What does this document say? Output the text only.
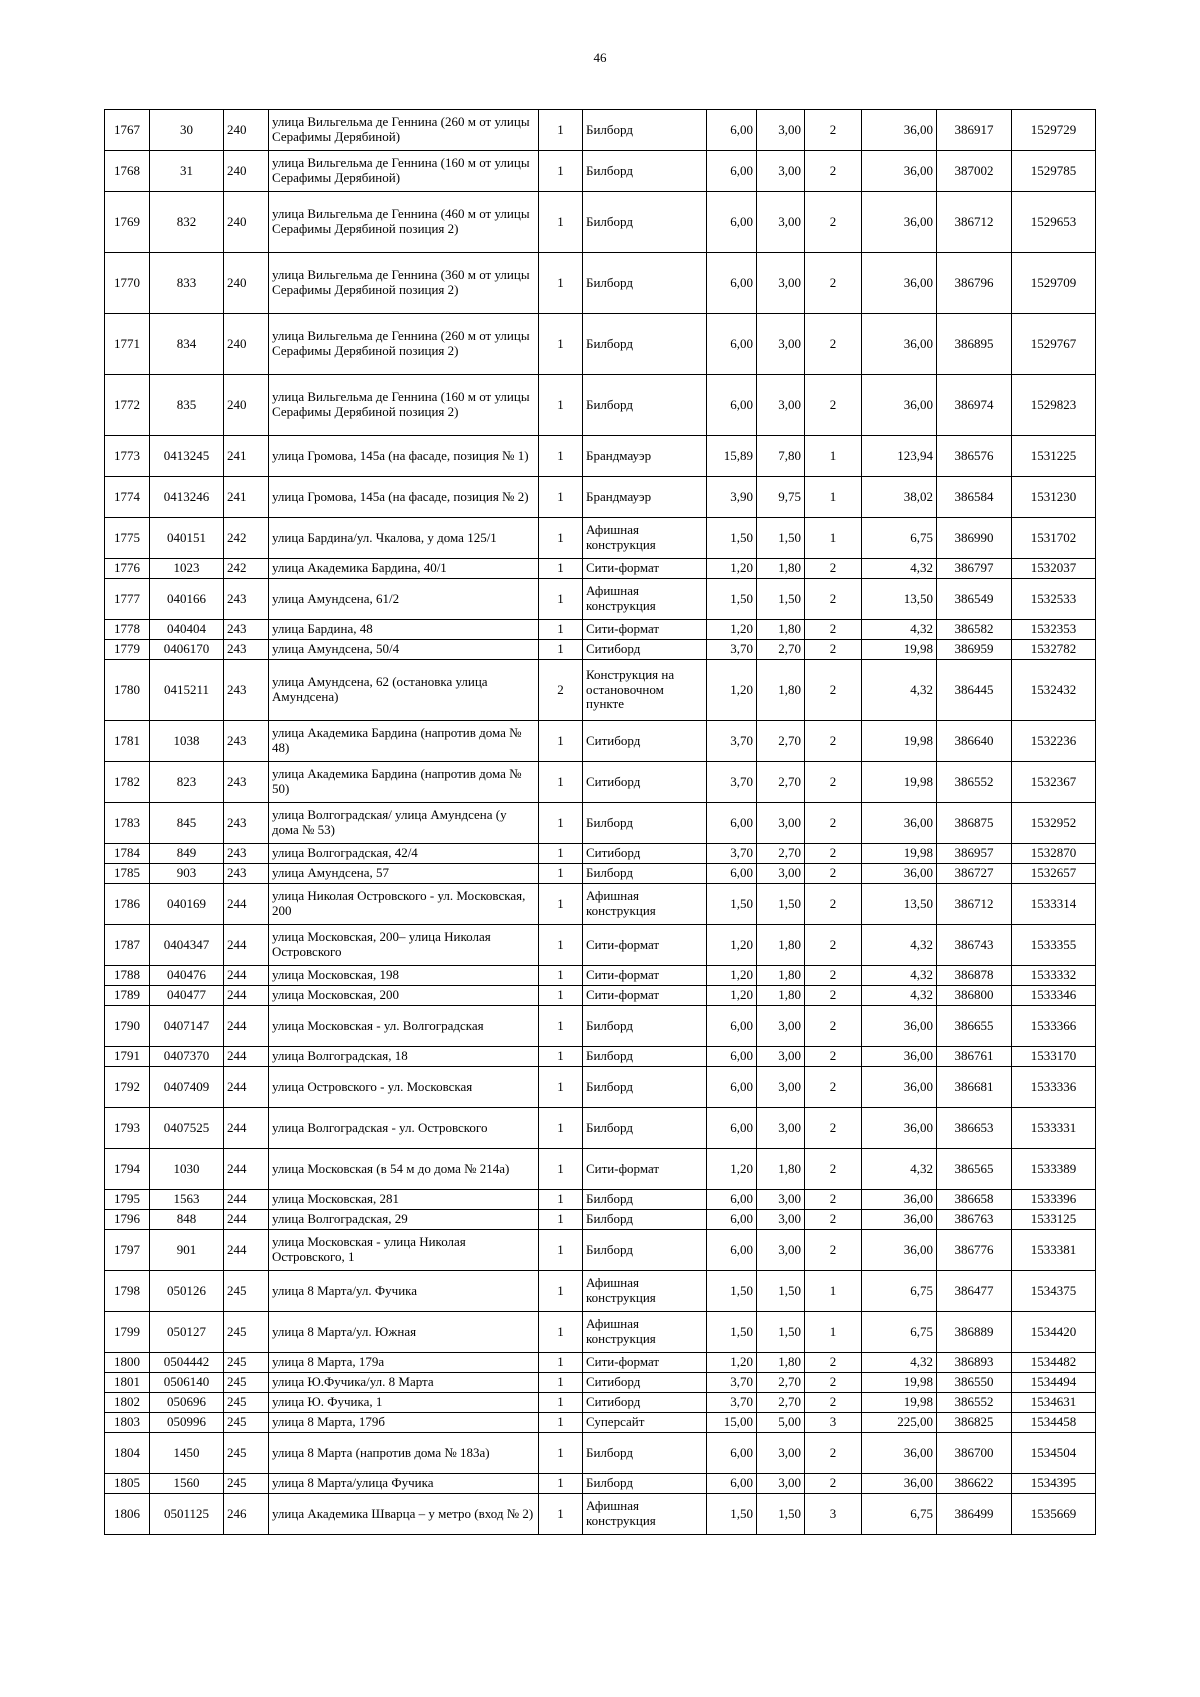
46
1767	30	240	улица Вильгельма де Геннина (260 м от улицы Серафимы Дерябиной)	1	Билборд	6,00	3,00	2	36,00	386917	1529729
1768	31	240	улица Вильгельма де Геннина (160 м от улицы Серафимы Дерябиной)	1	Билборд	6,00	3,00	2	36,00	387002	1529785
1769	832	240	улица Вильгельма де Геннина (460 м от улицы Серафимы Дерябиной позиция 2)	1	Билборд	6,00	3,00	2	36,00	386712	1529653
1770	833	240	улица Вильгельма де Геннина (360 м от улицы Серафимы Дерябиной позиция 2)	1	Билборд	6,00	3,00	2	36,00	386796	1529709
1771	834	240	улица Вильгельма де Геннина (260 м от улицы Серафимы Дерябиной позиция 2)	1	Билборд	6,00	3,00	2	36,00	386895	1529767
1772	835	240	улица Вильгельма де Геннина (160 м от улицы Серафимы Дерябиной позиция 2)	1	Билборд	6,00	3,00	2	36,00	386974	1529823
1773	0413245	241	улица Громова, 145а (на фасаде, позиция № 1)	1	Брандмауэр	15,89	7,80	1	123,94	386576	1531225
1774	0413246	241	улица Громова, 145а (на фасаде, позиция № 2)	1	Брандмауэр	3,90	9,75	1	38,02	386584	1531230
1775	040151	242	улица Бардина/ул. Чкалова, у дома 125/1	1	Афишная конструкция	1,50	1,50	1	6,75	386990	1531702
1776	1023	242	улица Академика Бардина, 40/1	1	Сити-формат	1,20	1,80	2	4,32	386797	1532037
1777	040166	243	улица Амундсена, 61/2	1	Афишная конструкция	1,50	1,50	2	13,50	386549	1532533
1778	040404	243	улица Бардина, 48	1	Сити-формат	1,20	1,80	2	4,32	386582	1532353
1779	0406170	243	улица Амундсена, 50/4	1	Ситиборд	3,70	2,70	2	19,98	386959	1532782
1780	0415211	243	улица Амундсена, 62 (остановка улица Амундсена)	2	Конструкция на остановочном пункте	1,20	1,80	2	4,32	386445	1532432
1781	1038	243	улица Академика Бардина (напротив дома № 48)	1	Ситиборд	3,70	2,70	2	19,98	386640	1532236
1782	823	243	улица Академика Бардина (напротив дома № 50)	1	Ситиборд	3,70	2,70	2	19,98	386552	1532367
1783	845	243	улица Волгоградская/ улица Амундсена (у дома № 53)	1	Билборд	6,00	3,00	2	36,00	386875	1532952
1784	849	243	улица Волгоградская, 42/4	1	Ситиборд	3,70	2,70	2	19,98	386957	1532870
1785	903	243	улица Амундсена, 57	1	Билборд	6,00	3,00	2	36,00	386727	1532657
1786	040169	244	улица Николая Островского - ул. Московская, 200	1	Афишная конструкция	1,50	1,50	2	13,50	386712	1533314
1787	0404347	244	улица Московская, 200– улица Николая Островского	1	Сити-формат	1,20	1,80	2	4,32	386743	1533355
1788	040476	244	улица Московская, 198	1	Сити-формат	1,20	1,80	2	4,32	386878	1533332
1789	040477	244	улица Московская, 200	1	Сити-формат	1,20	1,80	2	4,32	386800	1533346
1790	0407147	244	улица Московская - ул. Волгоградская	1	Билборд	6,00	3,00	2	36,00	386655	1533366
1791	0407370	244	улица Волгоградская, 18	1	Билборд	6,00	3,00	2	36,00	386761	1533170
1792	0407409	244	улица Островского - ул. Московская	1	Билборд	6,00	3,00	2	36,00	386681	1533336
1793	0407525	244	улица Волгоградская - ул. Островского	1	Билборд	6,00	3,00	2	36,00	386653	1533331
1794	1030	244	улица Московская (в 54 м до дома № 214а)	1	Сити-формат	1,20	1,80	2	4,32	386565	1533389
1795	1563	244	улица Московская, 281	1	Билборд	6,00	3,00	2	36,00	386658	1533396
1796	848	244	улица Волгоградская, 29	1	Билборд	6,00	3,00	2	36,00	386763	1533125
1797	901	244	улица Московская - улица Николая Островского, 1	1	Билборд	6,00	3,00	2	36,00	386776	1533381
1798	050126	245	улица 8 Марта/ул. Фучика	1	Афишная конструкция	1,50	1,50	1	6,75	386477	1534375
1799	050127	245	улица 8 Марта/ул. Южная	1	Афишная конструкция	1,50	1,50	1	6,75	386889	1534420
1800	0504442	245	улица 8 Марта, 179а	1	Сити-формат	1,20	1,80	2	4,32	386893	1534482
1801	0506140	245	улица Ю.Фучика/ул. 8 Марта	1	Ситиборд	3,70	2,70	2	19,98	386550	1534494
1802	050696	245	улица Ю. Фучика, 1	1	Ситиборд	3,70	2,70	2	19,98	386552	1534631
1803	050996	245	улица 8 Марта, 179б	1	Суперсайт	15,00	5,00	3	225,00	386825	1534458
1804	1450	245	улица 8 Марта (напротив дома № 183а)	1	Билборд	6,00	3,00	2	36,00	386700	1534504
1805	1560	245	улица 8 Марта/улица Фучика	1	Билборд	6,00	3,00	2	36,00	386622	1534395
1806	0501125	246	улица Академика Шварца – у метро (вход № 2)	1	Афишная конструкция	1,50	1,50	3	6,75	386499	1535669
